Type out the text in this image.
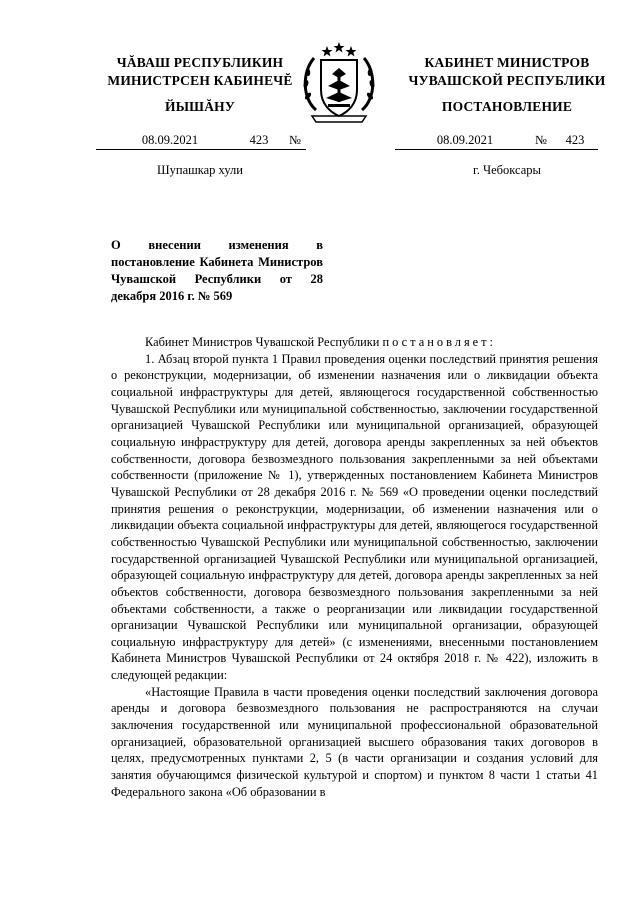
ЧĂВАШ РЕСПУБЛИКИН
МИНИСТРСЕН КАБИНЕЧĔ
ЙЫШĂНУ
08.09.2021	423	№
Шупашкар хули
КАБИНЕТ МИНИСТРОВ
ЧУВАШСКОЙ РЕСПУБЛИКИ
ПОСТАНОВЛЕНИЕ
08.09.2021	№	423
г. Чебоксары
О внесении изменения в постановление Кабинета Министров Чувашской Республики от 28 декабря 2016 г. № 569

Кабинет Министров Чувашской Республики постановляет:

1. Абзац второй пункта 1 Правил проведения оценки последствий принятия решения о реконструкции, модернизации, об изменении назначения или о ликвидации объекта социальной инфраструктуры для детей, являющегося государственной собственностью Чувашской Республики или муниципальной собственностью, заключении государственной организацией Чувашской Республики или муниципальной организацией, образующей социальную инфраструктуру для детей, договора аренды закрепленных за ней объектов собственности, договора безвозмездного пользования закрепленными за ней объектами собственности (приложение № 1), утвержденных постановлением Кабинета Министров Чувашской Республики от 28 декабря 2016 г. № 569 «О проведении оценки последствий принятия решения о реконструкции, модернизации, об изменении назначения или о ликвидации объекта социальной инфраструктуры для детей, являющегося государственной собственностью Чувашской Республики или муниципальной собственностью, заключении государственной организацией Чувашской Республики или муниципальной организацией, образующей социальную инфраструктуру для детей, договора аренды закрепленных за ней объектов собственности, договора безвозмездного пользования закрепленными за ней объектами собственности, а также о реорганизации или ликвидации государственной организации Чувашской Республики или муниципальной организации, образующей социальную инфраструктуру для детей» (с изменениями, внесенными постановлением Кабинета Министров Чувашской Республики от 24 октября 2018 г. № 422), изложить в следующей редакции:

«Настоящие Правила в части проведения оценки последствий заключения договора аренды и договора безвозмездного пользования не распространяются на случаи заключения государственной или муниципальной профессиональной образовательной организацией, образовательной организацией высшего образования таких договоров в целях, предусмотренных пунктами 2, 5 (в части организации и создания условий для занятия обучающимся физической культурой и спортом) и пунктом 8 части 1 статьи 41 Федерального закона «Об образовании в
